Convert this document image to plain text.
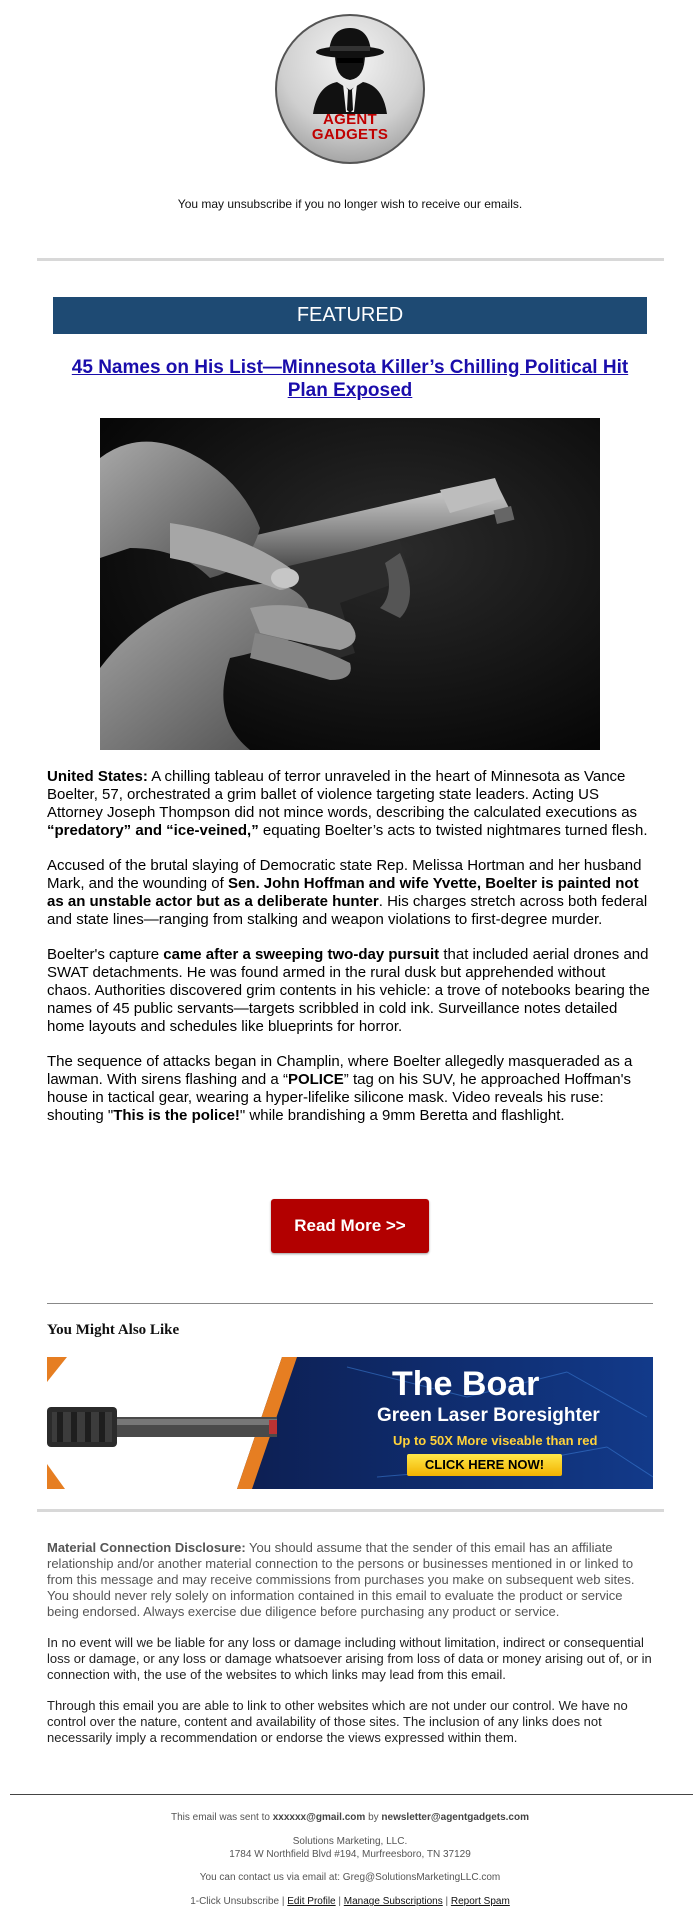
AGENT
GADGETS
You may unsubscribe if you no longer wish to receive our emails.
FEATURED
45 Names on His List—Minnesota Killer’s Chilling Political Hit Plan Exposed

United States: A chilling tableau of terror unraveled in the heart of Minnesota as Vance Boelter, 57, orchestrated a grim ballet of violence targeting state leaders. Acting US Attorney Joseph Thompson did not mince words, describing the calculated executions as “predatory” and “ice-veined,” equating Boelter’s acts to twisted nightmares turned flesh.

Accused of the brutal slaying of Democratic state Rep. Melissa Hortman and her husband Mark, and the wounding of Sen. John Hoffman and wife Yvette, Boelter is painted not as an unstable actor but as a deliberate hunter. His charges stretch across both federal and state lines—ranging from stalking and weapon violations to first-degree murder.

Boelter's capture came after a sweeping two-day pursuit that included aerial drones and SWAT detachments. He was found armed in the rural dusk but apprehended without chaos. Authorities discovered grim contents in his vehicle: a trove of notebooks bearing the names of 45 public servants—targets scribbled in cold ink. Surveillance notes detailed home layouts and schedules like blueprints for horror.

The sequence of attacks began in Champlin, where Boelter allegedly masqueraded as a lawman. With sirens flashing and a “POLICE” tag on his SUV, he approached Hoffman's house in tactical gear, wearing a hyper-lifelike silicone mask. Video reveals his ruse: shouting "This is the police!" while brandishing a 9mm Beretta and flashlight.

Read More >>
You Might Also Like
The Boar
Green Laser Boresighter
Up to 50X More viseable than red
CLICK HERE NOW!

Material Connection Disclosure: You should assume that the sender of this email has an affiliate relationship and/or another material connection to the persons or businesses mentioned in or linked to from this message and may receive commissions from purchases you make on subsequent web sites. You should never rely solely on information contained in this email to evaluate the product or service being endorsed. Always exercise due diligence before purchasing any product or service.

In no event will we be liable for any loss or damage including without limitation, indirect or consequential loss or damage, or any loss or damage whatsoever arising from loss of data or money arising out of, or in connection with, the use of the websites to which links may lead from this email.

Through this email you are able to link to other websites which are not under our control. We have no control over the nature, content and availability of those sites. The inclusion of any links does not necessarily imply a recommendation or endorse the views expressed within them.

This email was sent to xxxxxx@gmail.com by newsletter@agentgadgets.com
Solutions Marketing, LLC.
1784 W Northfield Blvd #194, Murfreesboro, TN 37129
You can contact us via email at: Greg@SolutionsMarketingLLC.com
1-Click Unsubscribe | Edit Profile | Manage Subscriptions | Report Spam
